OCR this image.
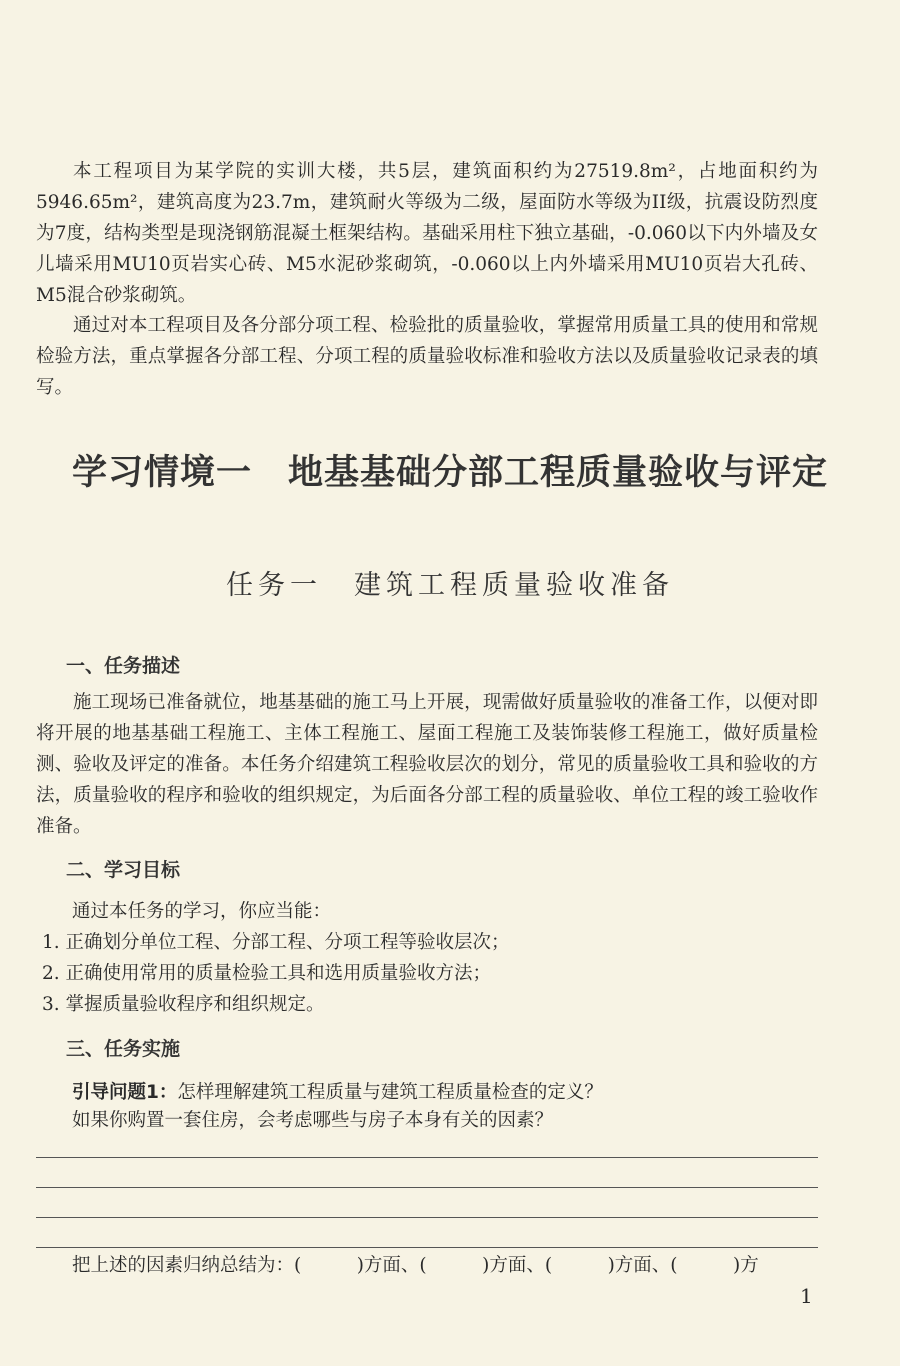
本工程项目为某学院的实训大楼，共5层，建筑面积约为27519.8m²，占地面积约为5946.65m²，建筑高度为23.7m，建筑耐火等级为二级，屋面防水等级为II级，抗震设防烈度为7度，结构类型是现浇钢筋混凝土框架结构。基础采用柱下独立基础，-0.060以下内外墙及女儿墙采用MU10页岩实心砖、M5水泥砂浆砌筑，-0.060以上内外墙采用MU10页岩大孔砖、M5混合砂浆砌筑。

通过对本工程项目及各分部分项工程、检验批的质量验收，掌握常用质量工具的使用和常规检验方法，重点掌握各分部工程、分项工程的质量验收标准和验收方法以及质量验收记录表的填写。

学习情境一　地基基础分部工程质量验收与评定
任务一　建筑工程质量验收准备
一、任务描述

施工现场已准备就位，地基基础的施工马上开展，现需做好质量验收的准备工作，以便对即将开展的地基基础工程施工、主体工程施工、屋面工程施工及装饰装修工程施工，做好质量检测、验收及评定的准备。本任务介绍建筑工程验收层次的划分，常见的质量验收工具和验收的方法，质量验收的程序和验收的组织规定，为后面各分部工程的质量验收、单位工程的竣工验收作准备。

二、学习目标

通过本任务的学习，你应当能：

1. 正确划分单位工程、分部工程、分项工程等验收层次；

2. 正确使用常用的质量检验工具和选用质量验收方法；

3. 掌握质量验收程序和组织规定。

三、任务实施

引导问题1：怎样理解建筑工程质量与建筑工程质量检查的定义？

如果你购置一套住房，会考虑哪些与房子本身有关的因素？

把上述的因素归纳总结为：(　　　)方面、(　　　)方面、(　　　)方面、(　　　)方

1
